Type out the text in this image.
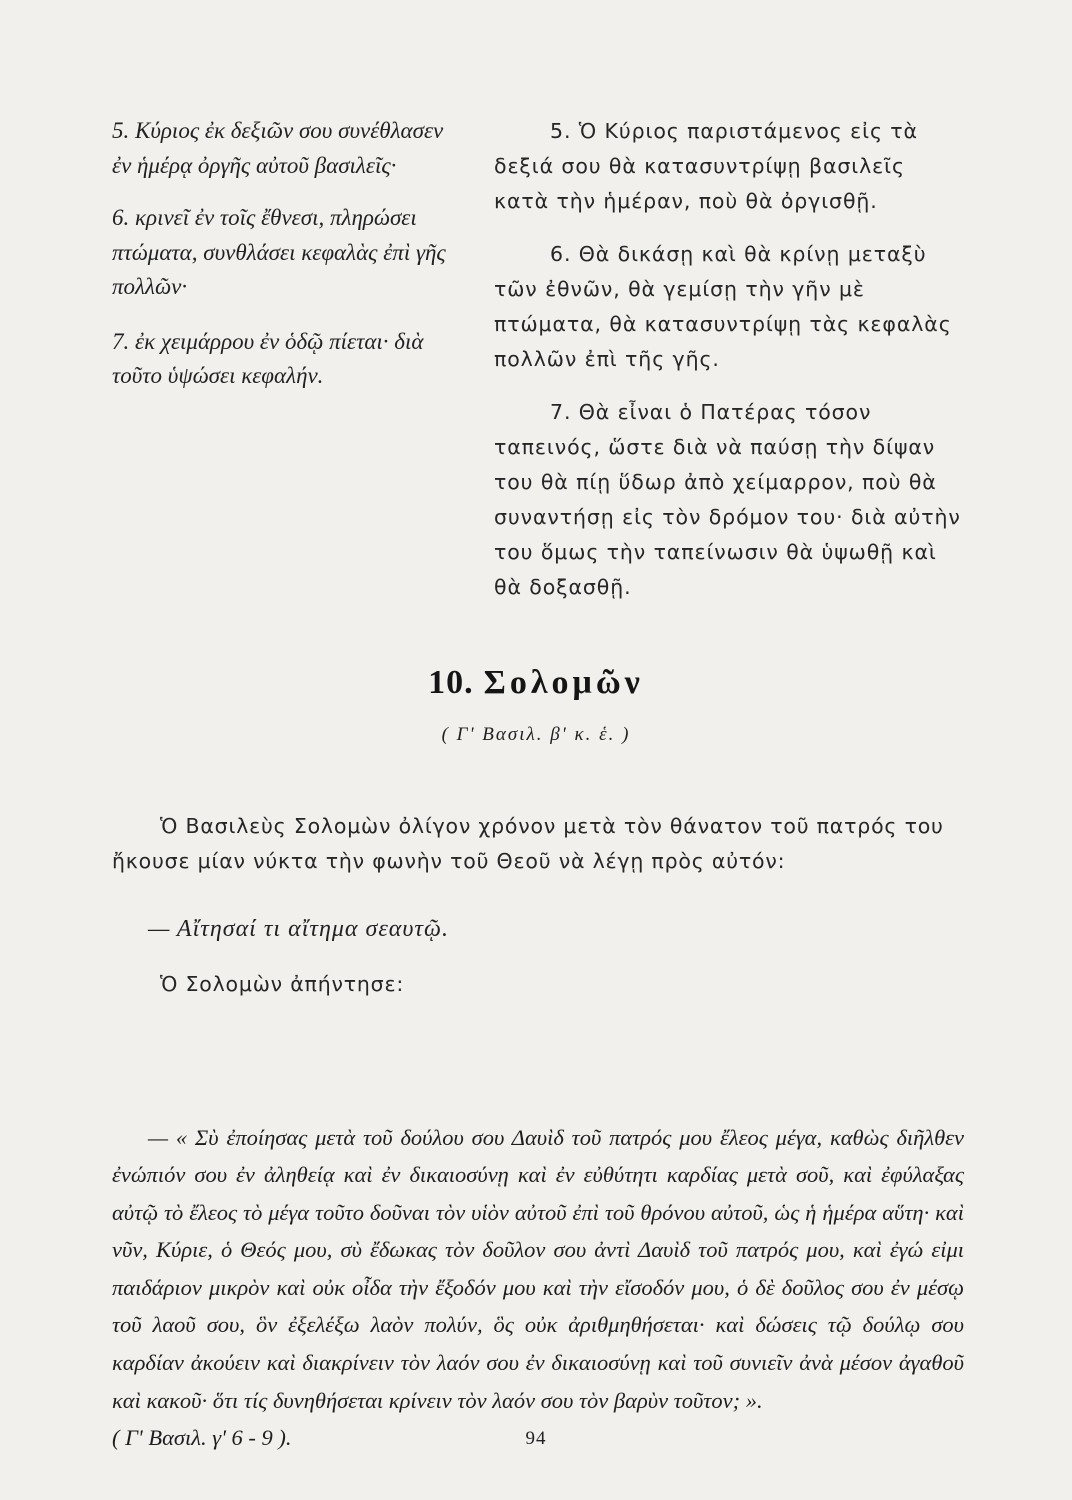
5. Κύριος ἐκ δεξιῶν σου συνέθλασεν ἐν ἡμέρᾳ ὀργῆς αὐτοῦ βασιλεῖς·

6. κρινεῖ ἐν τοῖς ἔθνεσι, πληρώσει πτώματα, συνθλάσει κεφαλὰς ἐπὶ γῆς πολλῶν·

7. ἐκ χειμάρρου ἐν ὁδῷ πίεται· διὰ τοῦτο ὑψώσει κεφαλήν.

5. Ὁ Κύριος παριστάμενος εἰς τὰ δεξιά σου θὰ κατασυντρίψῃ βασιλεῖς κατὰ τὴν ἡμέραν, ποὺ θὰ ὀργισθῇ.

6. Θὰ δικάσῃ καὶ θὰ κρίνῃ μεταξὺ τῶν ἐθνῶν, θὰ γεμίσῃ τὴν γῆν μὲ πτώματα, θὰ κατασυντρίψῃ τὰς κεφαλὰς πολλῶν ἐπὶ τῆς γῆς.

7. Θὰ εἶναι ὁ Πατέρας τόσον ταπεινός, ὥστε διὰ νὰ παύσῃ τὴν δίψαν του θὰ πίῃ ὕδωρ ἀπὸ χείμαρρον, ποὺ θὰ συναντήσῃ εἰς τὸν δρόμον του· διὰ αὐτὴν του ὅμως τὴν ταπείνωσιν θὰ ὑψωθῇ καὶ θὰ δοξασθῇ.

10. Σολομῶν
( Γ' Βασιλ. β' κ. ἑ. )

Ὁ Βασιλεὺς Σολομὼν ὀλίγον χρόνον μετὰ τὸν θάνατον τοῦ πατρός του ἤκουσε μίαν νύκτα τὴν φωνὴν τοῦ Θεοῦ νὰ λέγῃ πρὸς αὐτόν:

— Αἴτησαί τι αἴτημα σεαυτῷ.

Ὁ Σολομὼν ἀπήντησε:

— « Σὺ ἐποίησας μετὰ τοῦ δούλου σου Δαυὶδ τοῦ πατρός μου ἔλεος μέγα, καθὼς διῆλθεν ἐνώπιόν σου ἐν ἀληθείᾳ καὶ ἐν δικαιοσύνῃ καὶ ἐν εὐθύτητι καρδίας μετὰ σοῦ, καὶ ἐφύλαξας αὐτῷ τὸ ἔλεος τὸ μέγα τοῦτο δοῦναι τὸν υἱὸν αὐτοῦ ἐπὶ τοῦ θρόνου αὐτοῦ, ὡς ἡ ἡμέρα αὕτη· καὶ νῦν, Κύριε, ὁ Θεός μου, σὺ ἔδωκας τὸν δοῦλον σου ἀντὶ Δαυὶδ τοῦ πατρός μου, καὶ ἐγώ εἰμι παιδάριον μικρὸν καὶ οὐκ οἶδα τὴν ἔξοδόν μου καὶ τὴν εἴσοδόν μου, ὁ δὲ δοῦλος σου ἐν μέσῳ τοῦ λαοῦ σου, ὃν ἐξελέξω λαὸν πολύν, ὃς οὐκ ἀριθμηθήσεται· καὶ δώσεις τῷ δούλῳ σου καρδίαν ἀκούειν καὶ διακρίνειν τὸν λαόν σου ἐν δικαιοσύνῃ καὶ τοῦ συνιεῖν ἀνὰ μέσον ἀγαθοῦ καὶ κακοῦ· ὅτι τίς δυνηθήσεται κρίνειν τὸν λαόν σου τὸν βαρὺν τοῦτον; ».
( Γ' Βασιλ. γ' 6 - 9 ).	94
